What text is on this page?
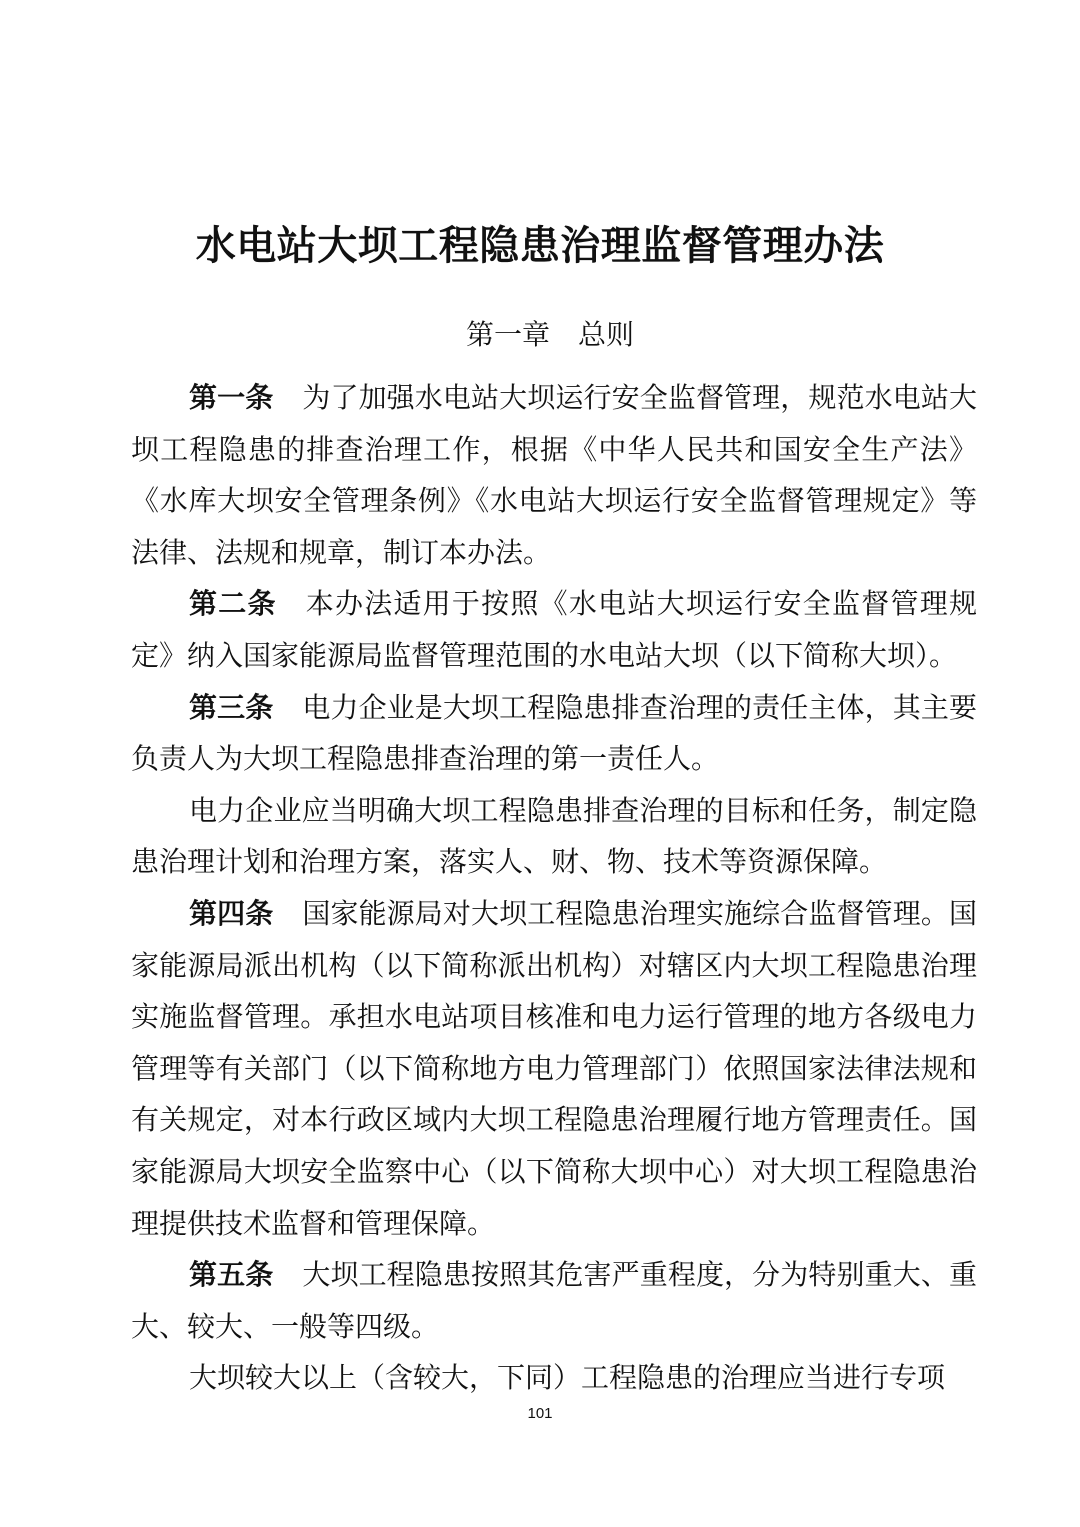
水电站大坝工程隐患治理监督管理办法
第一章　总则

第一条 为了加强水电站大坝运行安全监督管理，规范水电站大坝工程隐患的排查治理工作，根据《中华人民共和国安全生产法》《水库大坝安全管理条例》《水电站大坝运行安全监督管理规定》等法律、法规和规章，制订本办法。

第二条 本办法适用于按照《水电站大坝运行安全监督管理规定》纳入国家能源局监督管理范围的水电站大坝（以下简称大坝）。

第三条 电力企业是大坝工程隐患排查治理的责任主体，其主要负责人为大坝工程隐患排查治理的第一责任人。

电力企业应当明确大坝工程隐患排查治理的目标和任务，制定隐患治理计划和治理方案，落实人、财、物、技术等资源保障。

第四条 国家能源局对大坝工程隐患治理实施综合监督管理。国家能源局派出机构（以下简称派出机构）对辖区内大坝工程隐患治理实施监督管理。承担水电站项目核准和电力运行管理的地方各级电力管理等有关部门（以下简称地方电力管理部门）依照国家法律法规和有关规定，对本行政区域内大坝工程隐患治理履行地方管理责任。国家能源局大坝安全监察中心（以下简称大坝中心）对大坝工程隐患治理提供技术监督和管理保障。

第五条 大坝工程隐患按照其危害严重程度，分为特别重大、重大、较大、一般等四级。

大坝较大以上（含较大，下同）工程隐患的治理应当进行专项

101
